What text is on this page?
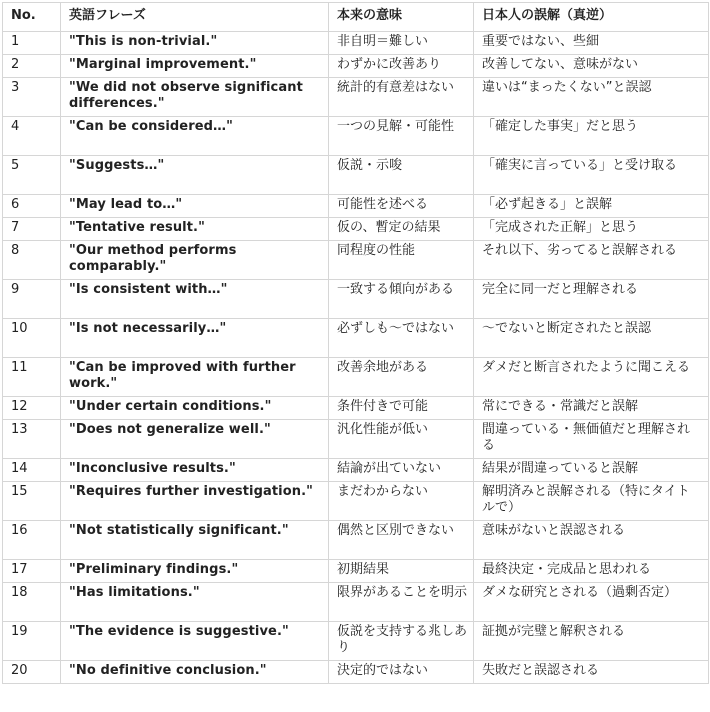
No.	英語フレーズ	本来の意味	日本人の誤解（真逆）
1	"This is non-trivial."	非自明＝難しい	重要ではない、些細
2	"Marginal improvement."	わずかに改善あり	改善してない、意味がない
3	"We did not observe significant differences."	統計的有意差はない	違いは“まったくない”と誤認
4	"Can be considered…"	一つの見解・可能性	「確定した事実」だと思う
5	"Suggests…"	仮説・示唆	「確実に言っている」と受け取る
6	"May lead to…"	可能性を述べる	「必ず起きる」と誤解
7	"Tentative result."	仮の、暫定の結果	「完成された正解」と思う
8	"Our method performs comparably."	同程度の性能	それ以下、劣ってると誤解される
9	"Is consistent with…"	一致する傾向がある	完全に同一だと理解される
10	"Is not necessarily…"	必ずしも〜ではない	〜でないと断定されたと誤認
11	"Can be improved with further work."	改善余地がある	ダメだと断言されたように聞こえる
12	"Under certain conditions."	条件付きで可能	常にできる・常識だと誤解
13	"Does not generalize well."	汎化性能が低い	間違っている・無価値だと理解される
14	"Inconclusive results."	結論が出ていない	結果が間違っていると誤解
15	"Requires further investigation."	まだわからない	解明済みと誤解される（特にタイトルで）
16	"Not statistically significant."	偶然と区別できない	意味がないと誤認される
17	"Preliminary findings."	初期結果	最終決定・完成品と思われる
18	"Has limitations."	限界があることを明示	ダメな研究とされる（過剰否定）
19	"The evidence is suggestive."	仮説を支持する兆しあり	証拠が完璧と解釈される
20	"No definitive conclusion."	決定的ではない	失敗だと誤認される
